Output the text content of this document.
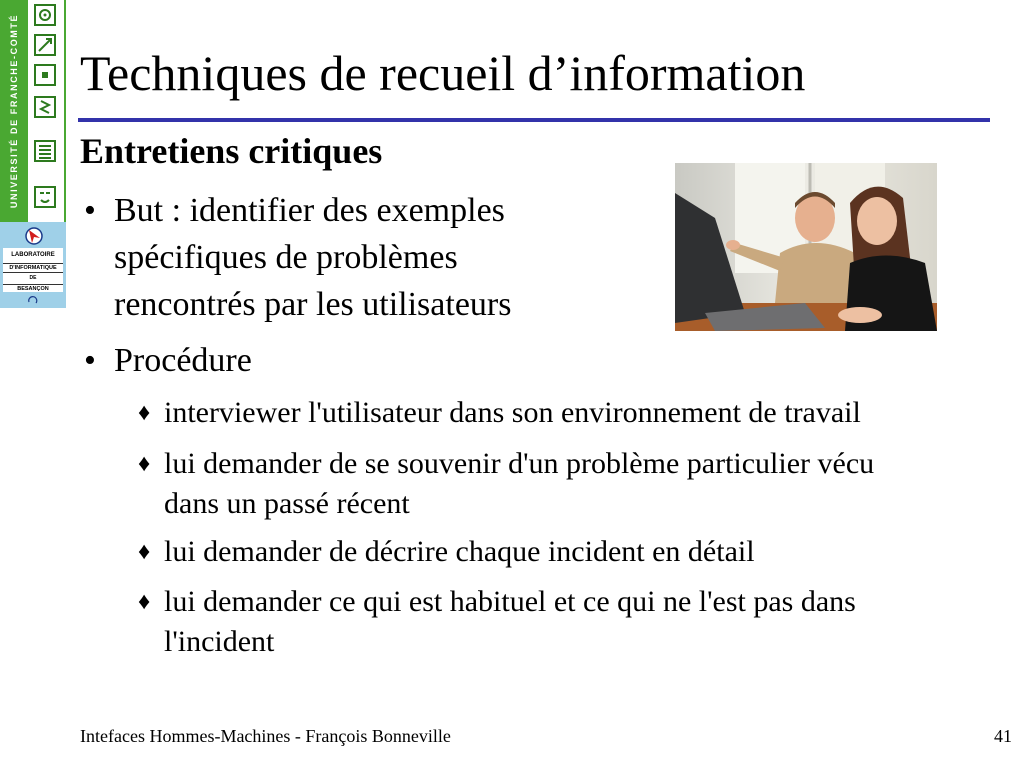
UNIVERSITÉ DE FRANCHE-COMTÉ
LABORATOIRE
D'INFORMATIQUE
DE
BESANÇON
Techniques de recueil d’information
Entretiens critiques
• But : identifier des exemples
spécifiques de problèmes
rencontrés par les utilisateurs
• Procédure
♦ interviewer l'utilisateur dans son environnement de travail
♦ lui demander de se souvenir d'un problème particulier vécu
dans un passé récent
♦ lui demander de décrire chaque incident en détail
♦ lui demander ce qui est habituel et ce qui ne l'est pas dans
l'incident
Intefaces Hommes-Machines - François Bonneville	41
